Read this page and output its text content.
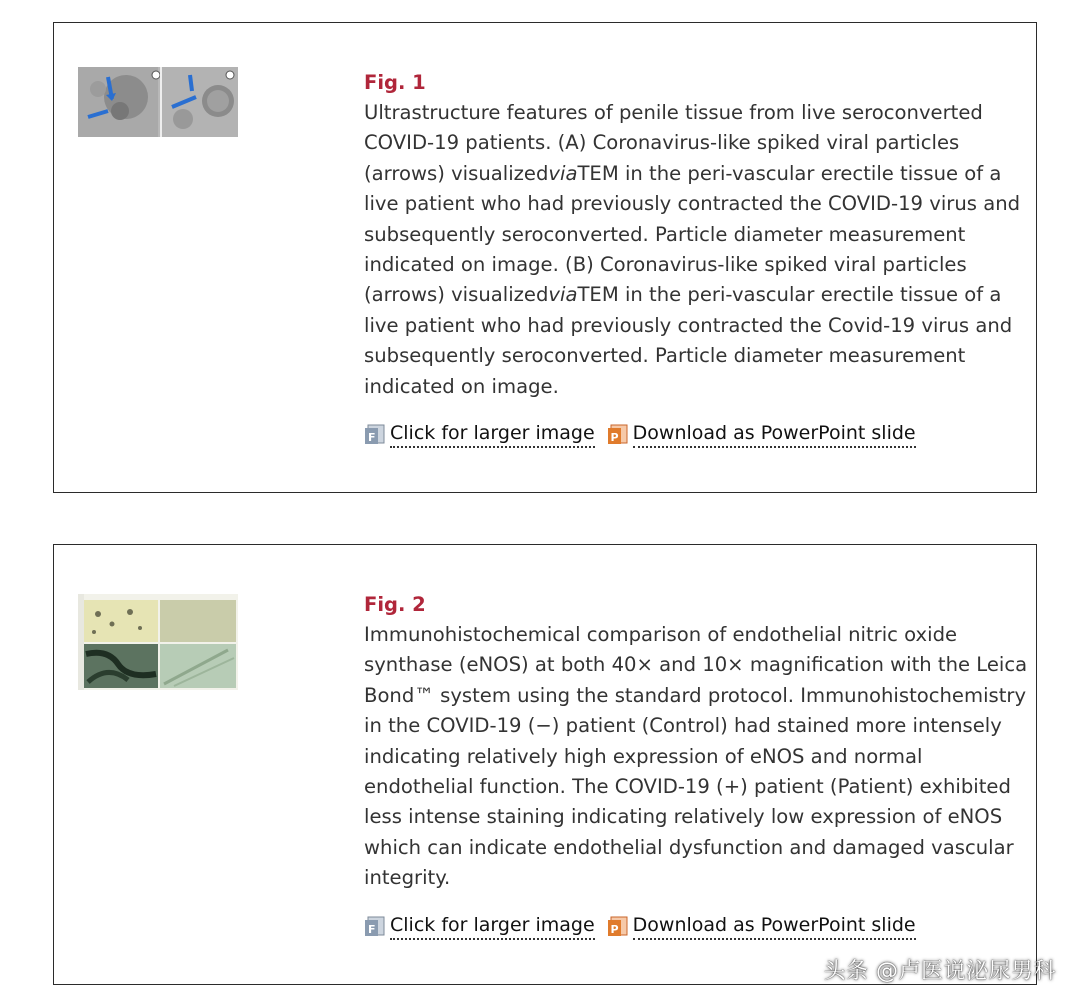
Fig. 1

Ultrastructure features of penile tissue from live seroconverted COVID-19 patients. (A) Coronavirus-like spiked viral particles (arrows) visualizedviaTEM in the peri-vascular erectile tissue of a live patient who had previously contracted the COVID-19 virus and subsequently seroconverted. Particle diameter measurement indicated on image. (B) Coronavirus-like spiked viral particles (arrows) visualizedviaTEM in the peri-vascular erectile tissue of a live patient who had previously contracted the Covid-19 virus and subsequently seroconverted. Particle diameter measurement indicated on image.

F Click for larger image P Download as PowerPoint slide
Fig. 2

Immunohistochemical comparison of endothelial nitric oxide synthase (eNOS) at both 40× and 10× magnification with the Leica Bond™ system using the standard protocol. Immunohistochemistry in the COVID-19 (−) patient (Control) had stained more intensely indicating relatively high expression of eNOS and normal endothelial function. The COVID-19 (+) patient (Patient) exhibited less intense staining indicating relatively low expression of eNOS which can indicate endothelial dysfunction and damaged vascular integrity.

F Click for larger image P Download as PowerPoint slide
头条 @卢医说泌尿男科
